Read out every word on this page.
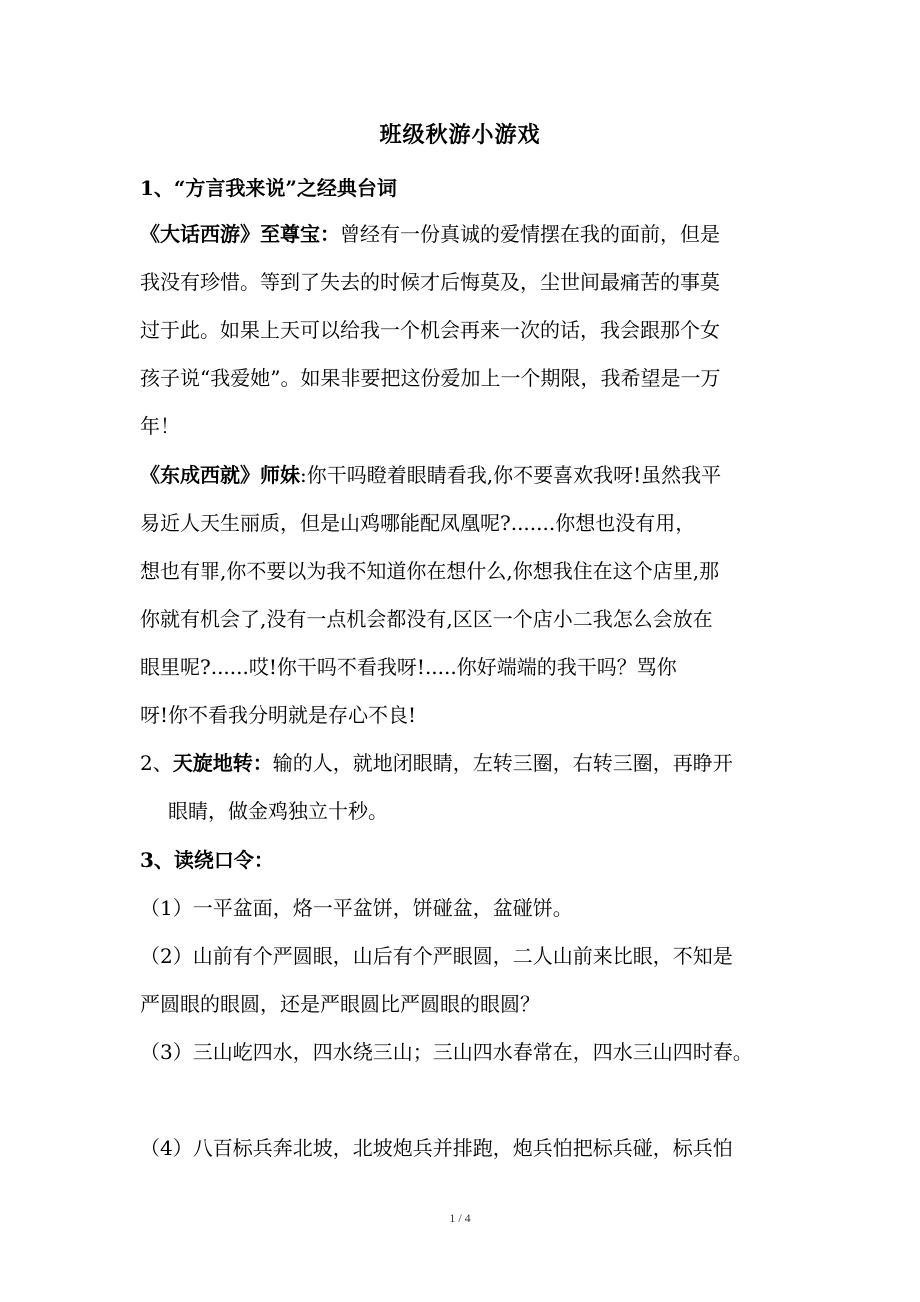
班级秋游小游戏
1、“方言我来说”之经典台词
《大话西游》至尊宝：曾经有一份真诚的爱情摆在我的面前，但是
我没有珍惜。等到了失去的时候才后悔莫及，尘世间最痛苦的事莫
过于此。如果上天可以给我一个机会再来一次的话，我会跟那个女
孩子说“我爱她”。如果非要把这份爱加上一个期限，我希望是一万
年！
《东成西就》师妹:你干吗瞪着眼睛看我,你不要喜欢我呀!虽然我平
易近人天生丽质，但是山鸡哪能配凤凰呢?.......你想也没有用，
想也有罪,你不要以为我不知道你在想什么,你想我住在这个店里,那
你就有机会了,没有一点机会都没有,区区一个店小二我怎么会放在
眼里呢?......哎!你干吗不看我呀!.....你好端端的我干吗？骂你
呀!你不看我分明就是存心不良!
2、天旋地转：输的人，就地闭眼睛，左转三圈，右转三圈，再睁开
眼睛，做金鸡独立十秒。
3、读绕口令：
（1）一平盆面，烙一平盆饼，饼碰盆，盆碰饼。
（2）山前有个严圆眼，山后有个严眼圆，二人山前来比眼，不知是
严圆眼的眼圆，还是严眼圆比严圆眼的眼圆？
（3）三山屹四水，四水绕三山；三山四水春常在，四水三山四时春。
（4）八百标兵奔北坡，北坡炮兵并排跑，炮兵怕把标兵碰，标兵怕
1 / 4
